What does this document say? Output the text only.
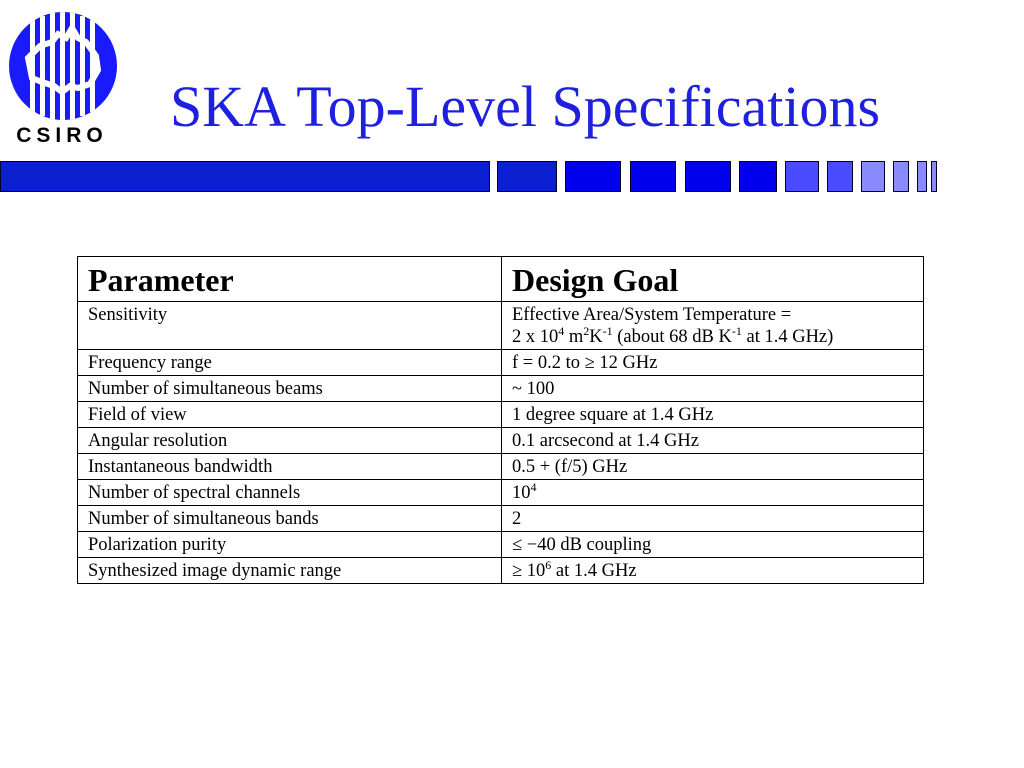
CSIRO SKA Top-Level Specifications
Parameter	Design Goal
Sensitivity	Effective Area/System Temperature =
2 x $10^4$ $m^2K^{-1}$ (about 68 dB $K^{-1}$ at 1.4 GHz)
Frequency range	f = 0.2 to ≥ 12 GHz
Number of simultaneous beams	~ 100
Field of view	1 degree square at 1.4 GHz
Angular resolution	0.1 arcsecond at 1.4 GHz
Instantaneous bandwidth	0.5 + (f/5) GHz
Number of spectral channels	$10^4$
Number of simultaneous bands	2
Polarization purity	≤ −40 dB coupling
Synthesized image dynamic range	≥ $10^6$ at 1.4 GHz
